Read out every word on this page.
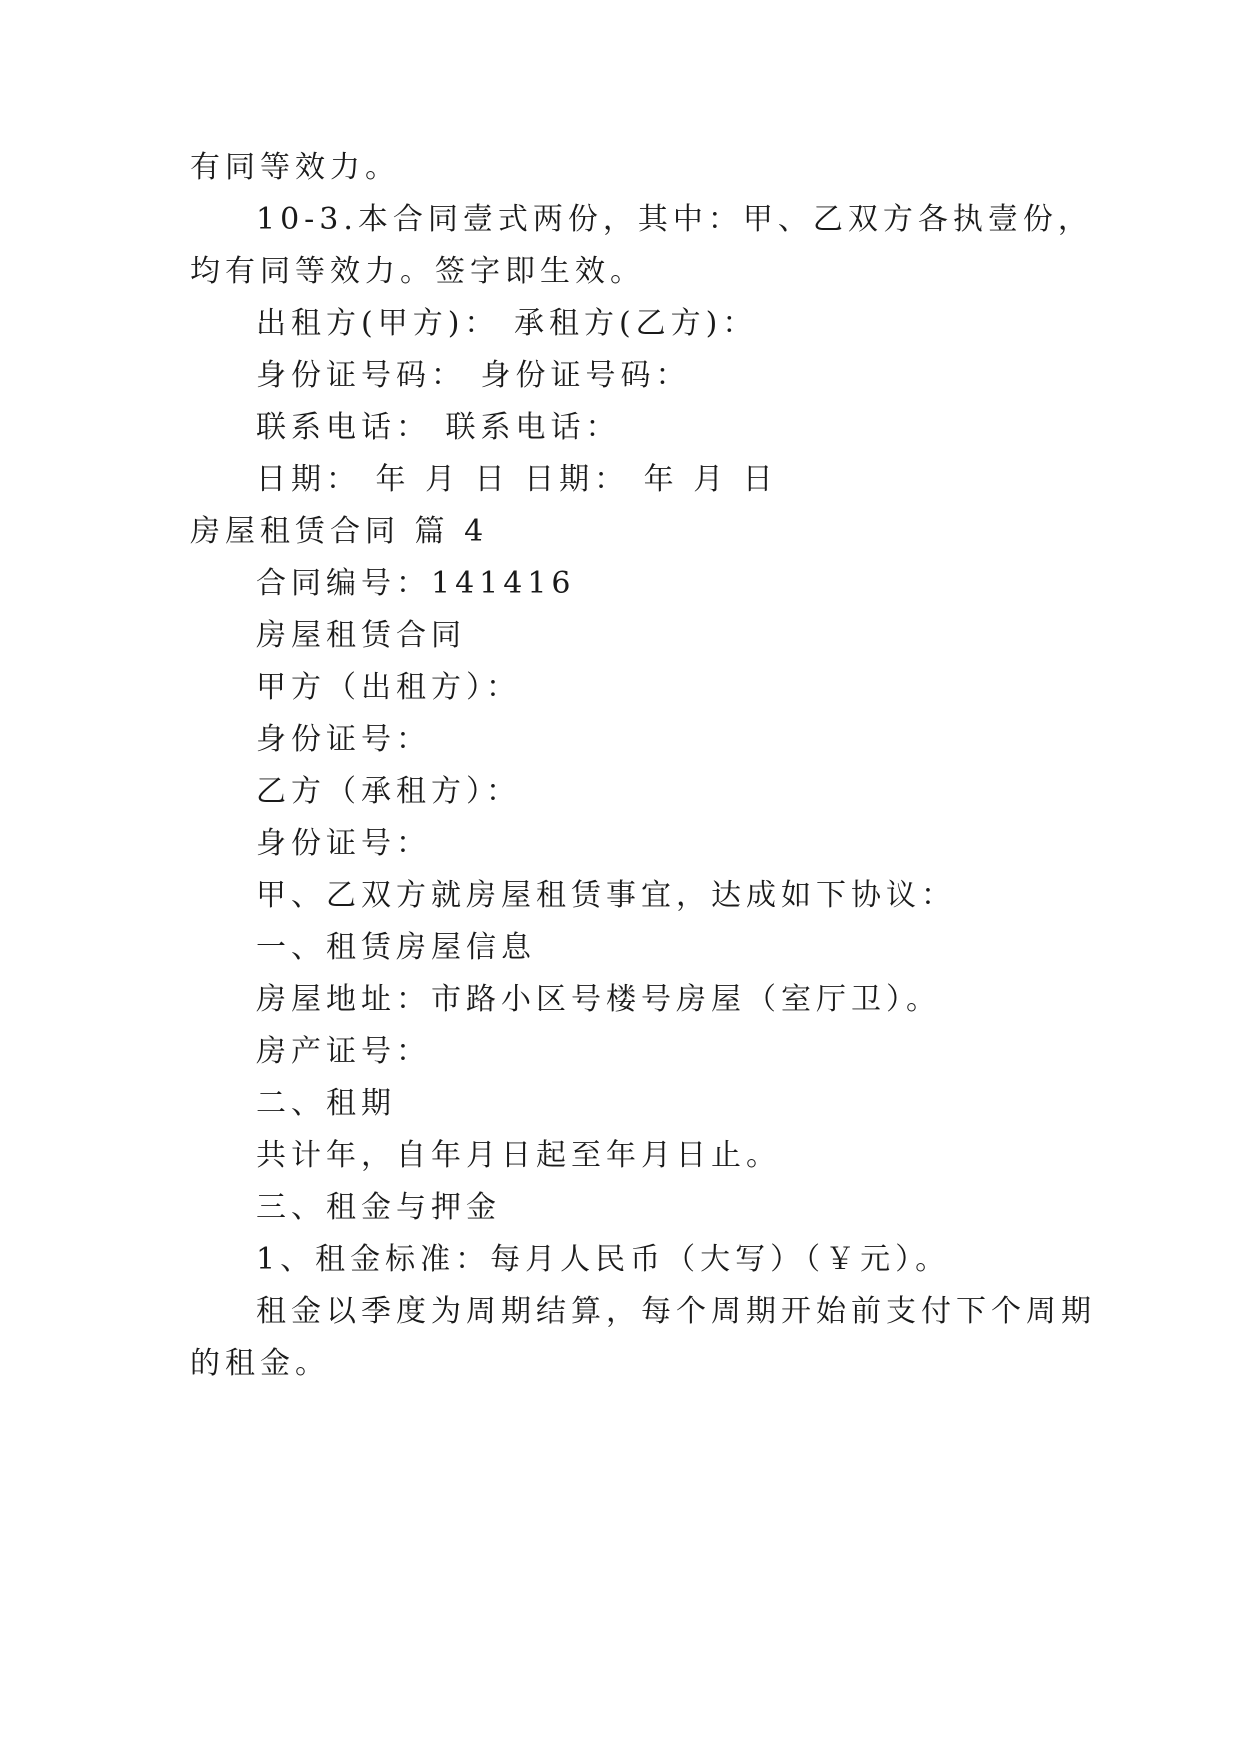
有同等效力。

10-3.本合同壹式两份，其中：甲、乙双方各执壹份，

均有同等效力。签字即生效。

出租方(甲方)： 承租方(乙方)：

身份证号码： 身份证号码：

联系电话： 联系电话：

日期： 年 月 日 日期： 年 月 日

房屋租赁合同 篇 4

合同编号：141416

房屋租赁合同

甲方（出租方）：

身份证号：

乙方（承租方）：

身份证号：

甲、乙双方就房屋租赁事宜，达成如下协议：

一、租赁房屋信息

房屋地址：市路小区号楼号房屋（室厅卫）。

房产证号：

二、租期

共计年，自年月日起至年月日止。

三、租金与押金

1、租金标准：每月人民币（大写）（￥元）。

租金以季度为周期结算，每个周期开始前支付下个周期

的租金。
